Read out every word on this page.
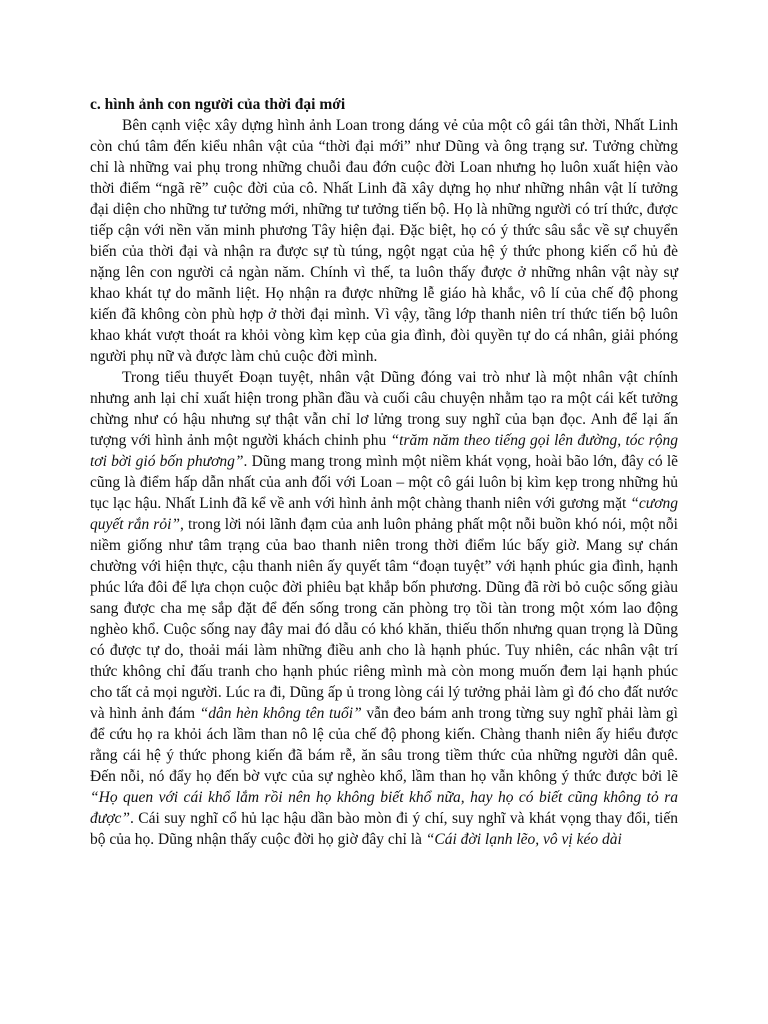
c. hình ảnh con người của thời đại mới

Bên cạnh việc xây dựng hình ảnh Loan trong dáng vẻ của một cô gái tân thời, Nhất Linh còn chú tâm đến kiểu nhân vật của “thời đại mới” như Dũng và ông trạng sư. Tưởng chừng chỉ là những vai phụ trong những chuỗi đau đớn cuộc đời Loan nhưng họ luôn xuất hiện vào thời điểm “ngã rẽ” cuộc đời của cô. Nhất Linh đã xây dựng họ như những nhân vật lí tưởng đại diện cho những tư tưởng mới, những tư tưởng tiến bộ. Họ là những người có trí thức, được tiếp cận với nền văn minh phương Tây hiện đại. Đặc biệt, họ có ý thức sâu sắc về sự chuyển biến của thời đại và nhận ra được sự tù túng, ngột ngạt của hệ ý thức phong kiến cổ hủ đè nặng lên con người cả ngàn năm. Chính vì thế, ta luôn thấy được ở những nhân vật này sự khao khát tự do mãnh liệt. Họ nhận ra được những lễ giáo hà khắc, vô lí của chế độ phong kiến đã không còn phù hợp ở thời đại mình. Vì vậy, tầng lớp thanh niên trí thức tiến bộ luôn khao khát vượt thoát ra khỏi vòng kìm kẹp của gia đình, đòi quyền tự do cá nhân, giải phóng người phụ nữ và được làm chủ cuộc đời mình.

Trong tiểu thuyết Đoạn tuyệt, nhân vật Dũng đóng vai trò như là một nhân vật chính nhưng anh lại chỉ xuất hiện trong phần đầu và cuối câu chuyện nhằm tạo ra một cái kết tưởng chừng như có hậu nhưng sự thật vẫn chỉ lơ lửng trong suy nghĩ của bạn đọc. Anh để lại ấn tượng với hình ảnh một người khách chinh phu “trăm năm theo tiếng gọi lên đường, tóc rộng tơi bời gió bốn phương”. Dũng mang trong mình một niềm khát vọng, hoài bão lớn, đây có lẽ cũng là điểm hấp dẫn nhất của anh đối với Loan – một cô gái luôn bị kìm kẹp trong những hủ tục lạc hậu. Nhất Linh đã kể về anh với hình ảnh một chàng thanh niên với gương mặt “cương quyết rắn rỏi”, trong lời nói lãnh đạm của anh luôn phảng phất một nỗi buồn khó nói, một nỗi niềm giống như tâm trạng của bao thanh niên trong thời điểm lúc bấy giờ. Mang sự chán chường với hiện thực, cậu thanh niên ấy quyết tâm “đoạn tuyệt” với hạnh phúc gia đình, hạnh phúc lứa đôi để lựa chọn cuộc đời phiêu bạt khắp bốn phương. Dũng đã rời bỏ cuộc sống giàu sang được cha mẹ sắp đặt để đến sống trong căn phòng trọ tồi tàn trong một xóm lao động nghèo khổ. Cuộc sống nay đây mai đó dẫu có khó khăn, thiếu thốn nhưng quan trọng là Dũng có được tự do, thoải mái làm những điều anh cho là hạnh phúc. Tuy nhiên, các nhân vật trí thức không chỉ đấu tranh cho hạnh phúc riêng mình mà còn mong muốn đem lại hạnh phúc cho tất cả mọi người. Lúc ra đi, Dũng ấp ủ trong lòng cái lý tưởng phải làm gì đó cho đất nước và hình ảnh đám “dân hèn không tên tuổi” vẫn đeo bám anh trong từng suy nghĩ phải làm gì để cứu họ ra khỏi ách lầm than nô lệ của chế độ phong kiến. Chàng thanh niên ấy hiểu được rằng cái hệ ý thức phong kiến đã bám rễ, ăn sâu trong tiềm thức của những người dân quê. Đến nỗi, nó đẩy họ đến bờ vực của sự nghèo khổ, lầm than họ vẫn không ý thức được bởi lẽ “Họ quen với cái khổ lắm rồi nên họ không biết khổ nữa, hay họ có biết cũng không tỏ ra được”. Cái suy nghĩ cổ hủ lạc hậu dần bào mòn đi ý chí, suy nghĩ và khát vọng thay đổi, tiến bộ của họ. Dũng nhận thấy cuộc đời họ giờ đây chỉ là “Cái đời lạnh lẽo, vô vị kéo dài
